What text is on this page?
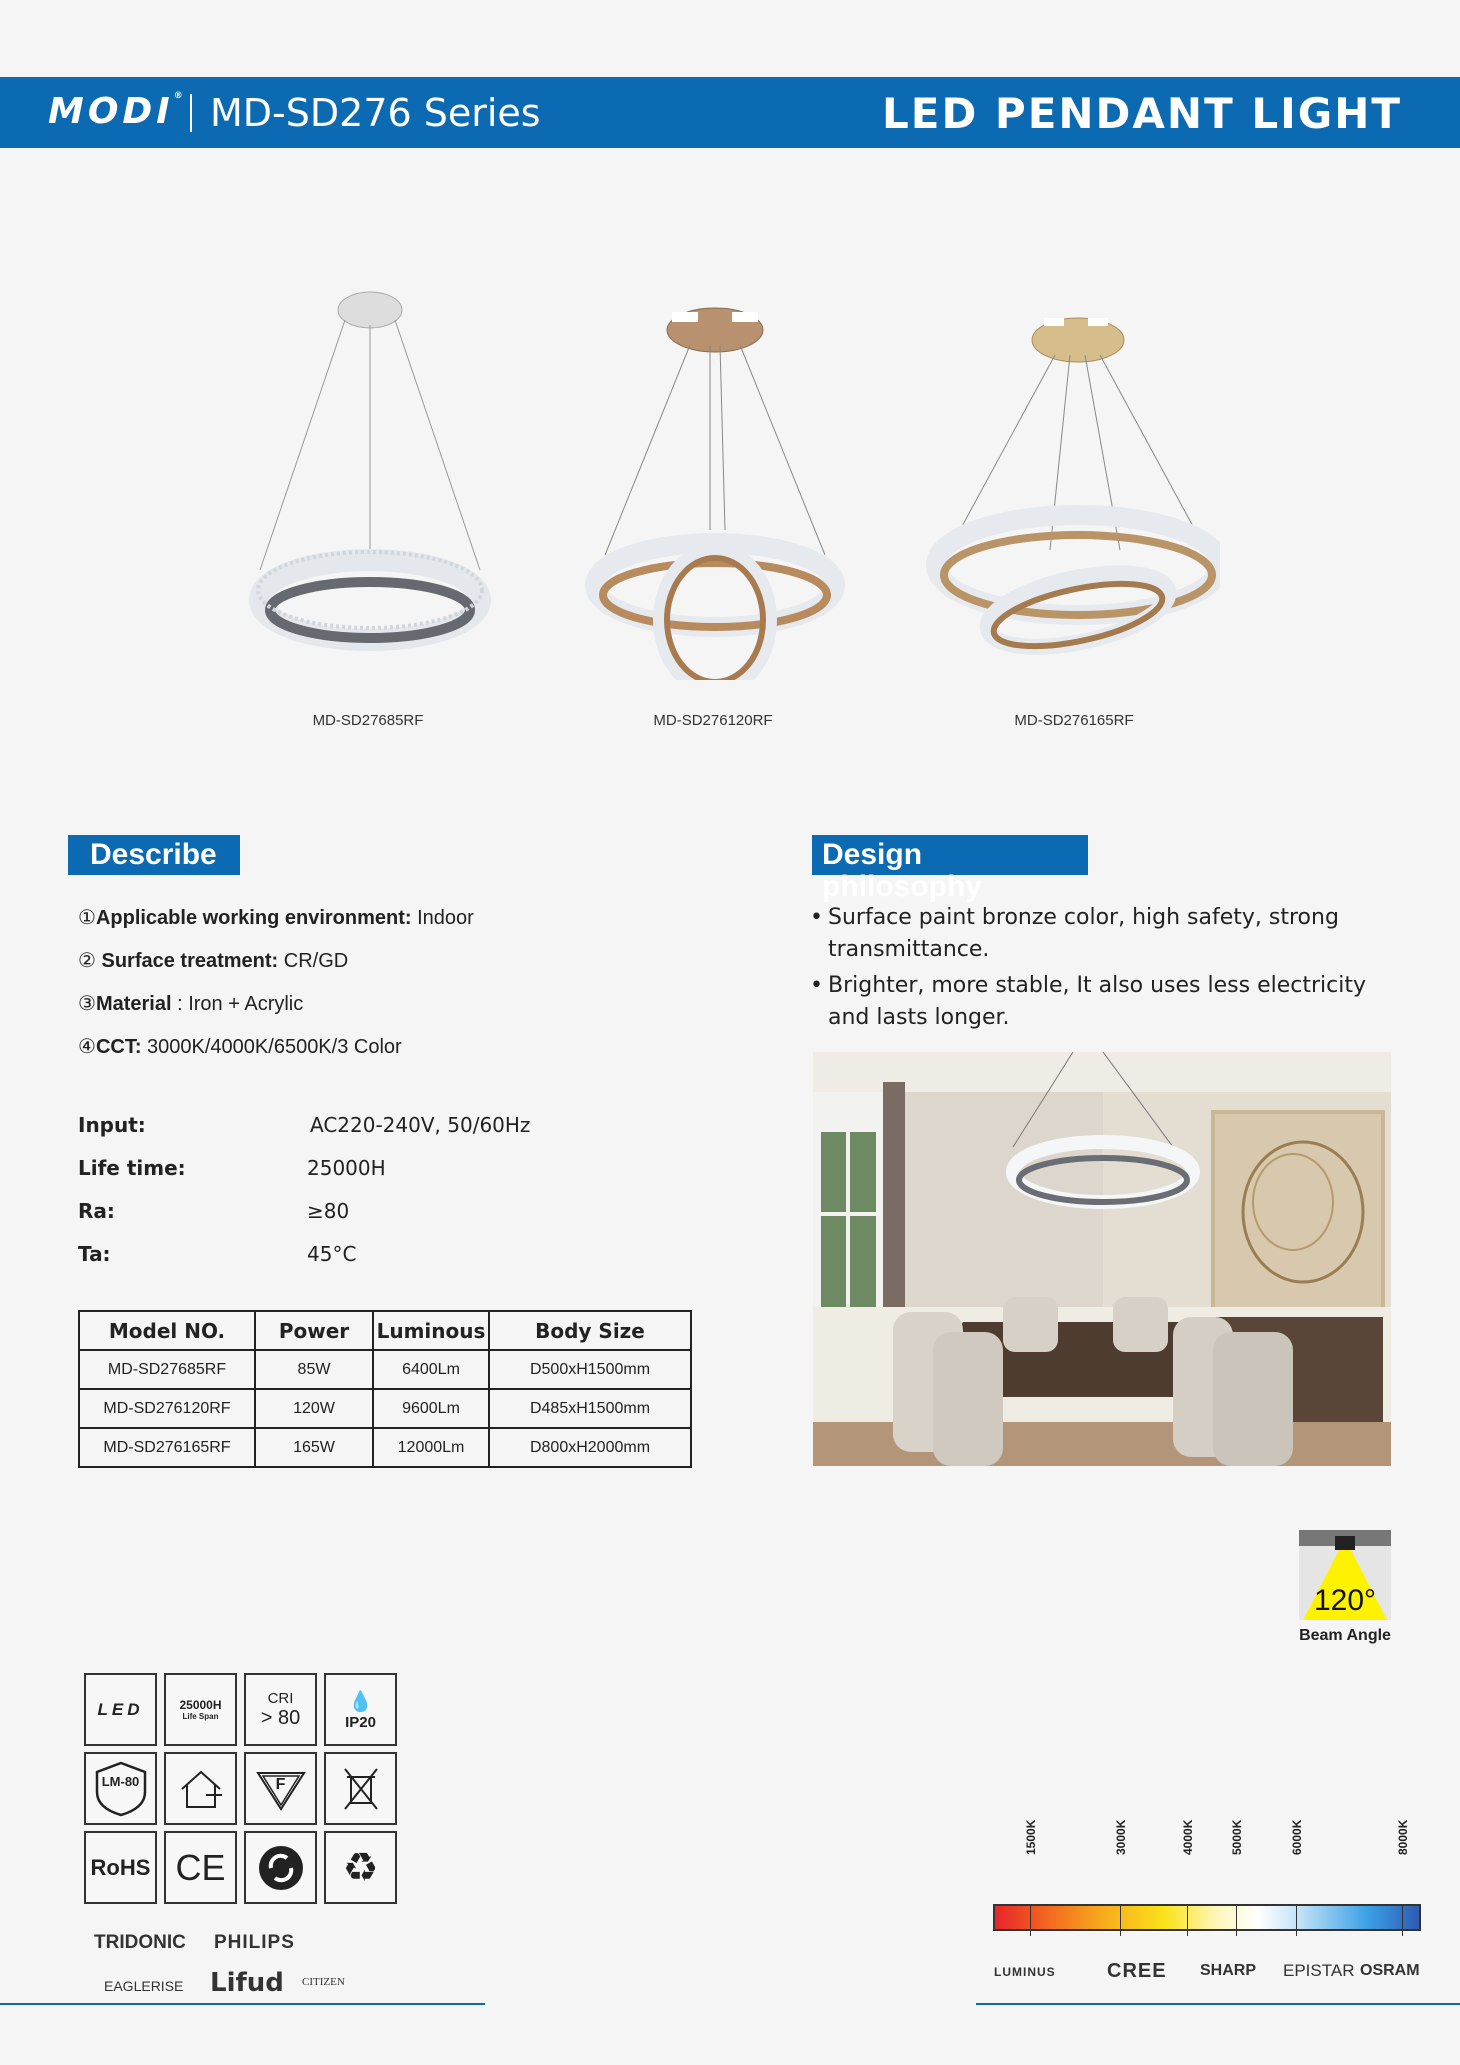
MODI® MD-SD276 Series	LED PENDANT LIGHT
MD-SD27685RF	MD-SD276120RF	MD-SD276165RF
Describe
①Applicable working environment: Indoor
② Surface treatment: CR/GD
③Material : Iron + Acrylic
④CCT: 3000K/4000K/6500K/3 Color
Input:	AC220-240V, 50/60Hz
Life time:	25000H
Ra:	≥80
Ta:	45°C
Model NO.	Power	Luminous	Body Size
MD-SD27685RF	85W	6400Lm	D500xH1500mm
MD-SD276120RF	120W	9600Lm	D485xH1500mm
MD-SD276165RF	165W	12000Lm	D800xH2000mm
Design philosophy
• Surface paint bronze color, high safety, strong transmittance.
• Brighter, more stable, It also uses less electricity and lasts longer.
120°
Beam Angle
LED	25000H
Life Span
CRI
> 80
💧
IP20
LM-80	F
RoHS CE	♻
TRIDONIC PHILIPS
EAGLERISE Lifud CITIZEN
1500K	3000K	4000K	5000K	6000K	8000K
LUMINUS	CREE SHARP EPISTAR OSRAM
